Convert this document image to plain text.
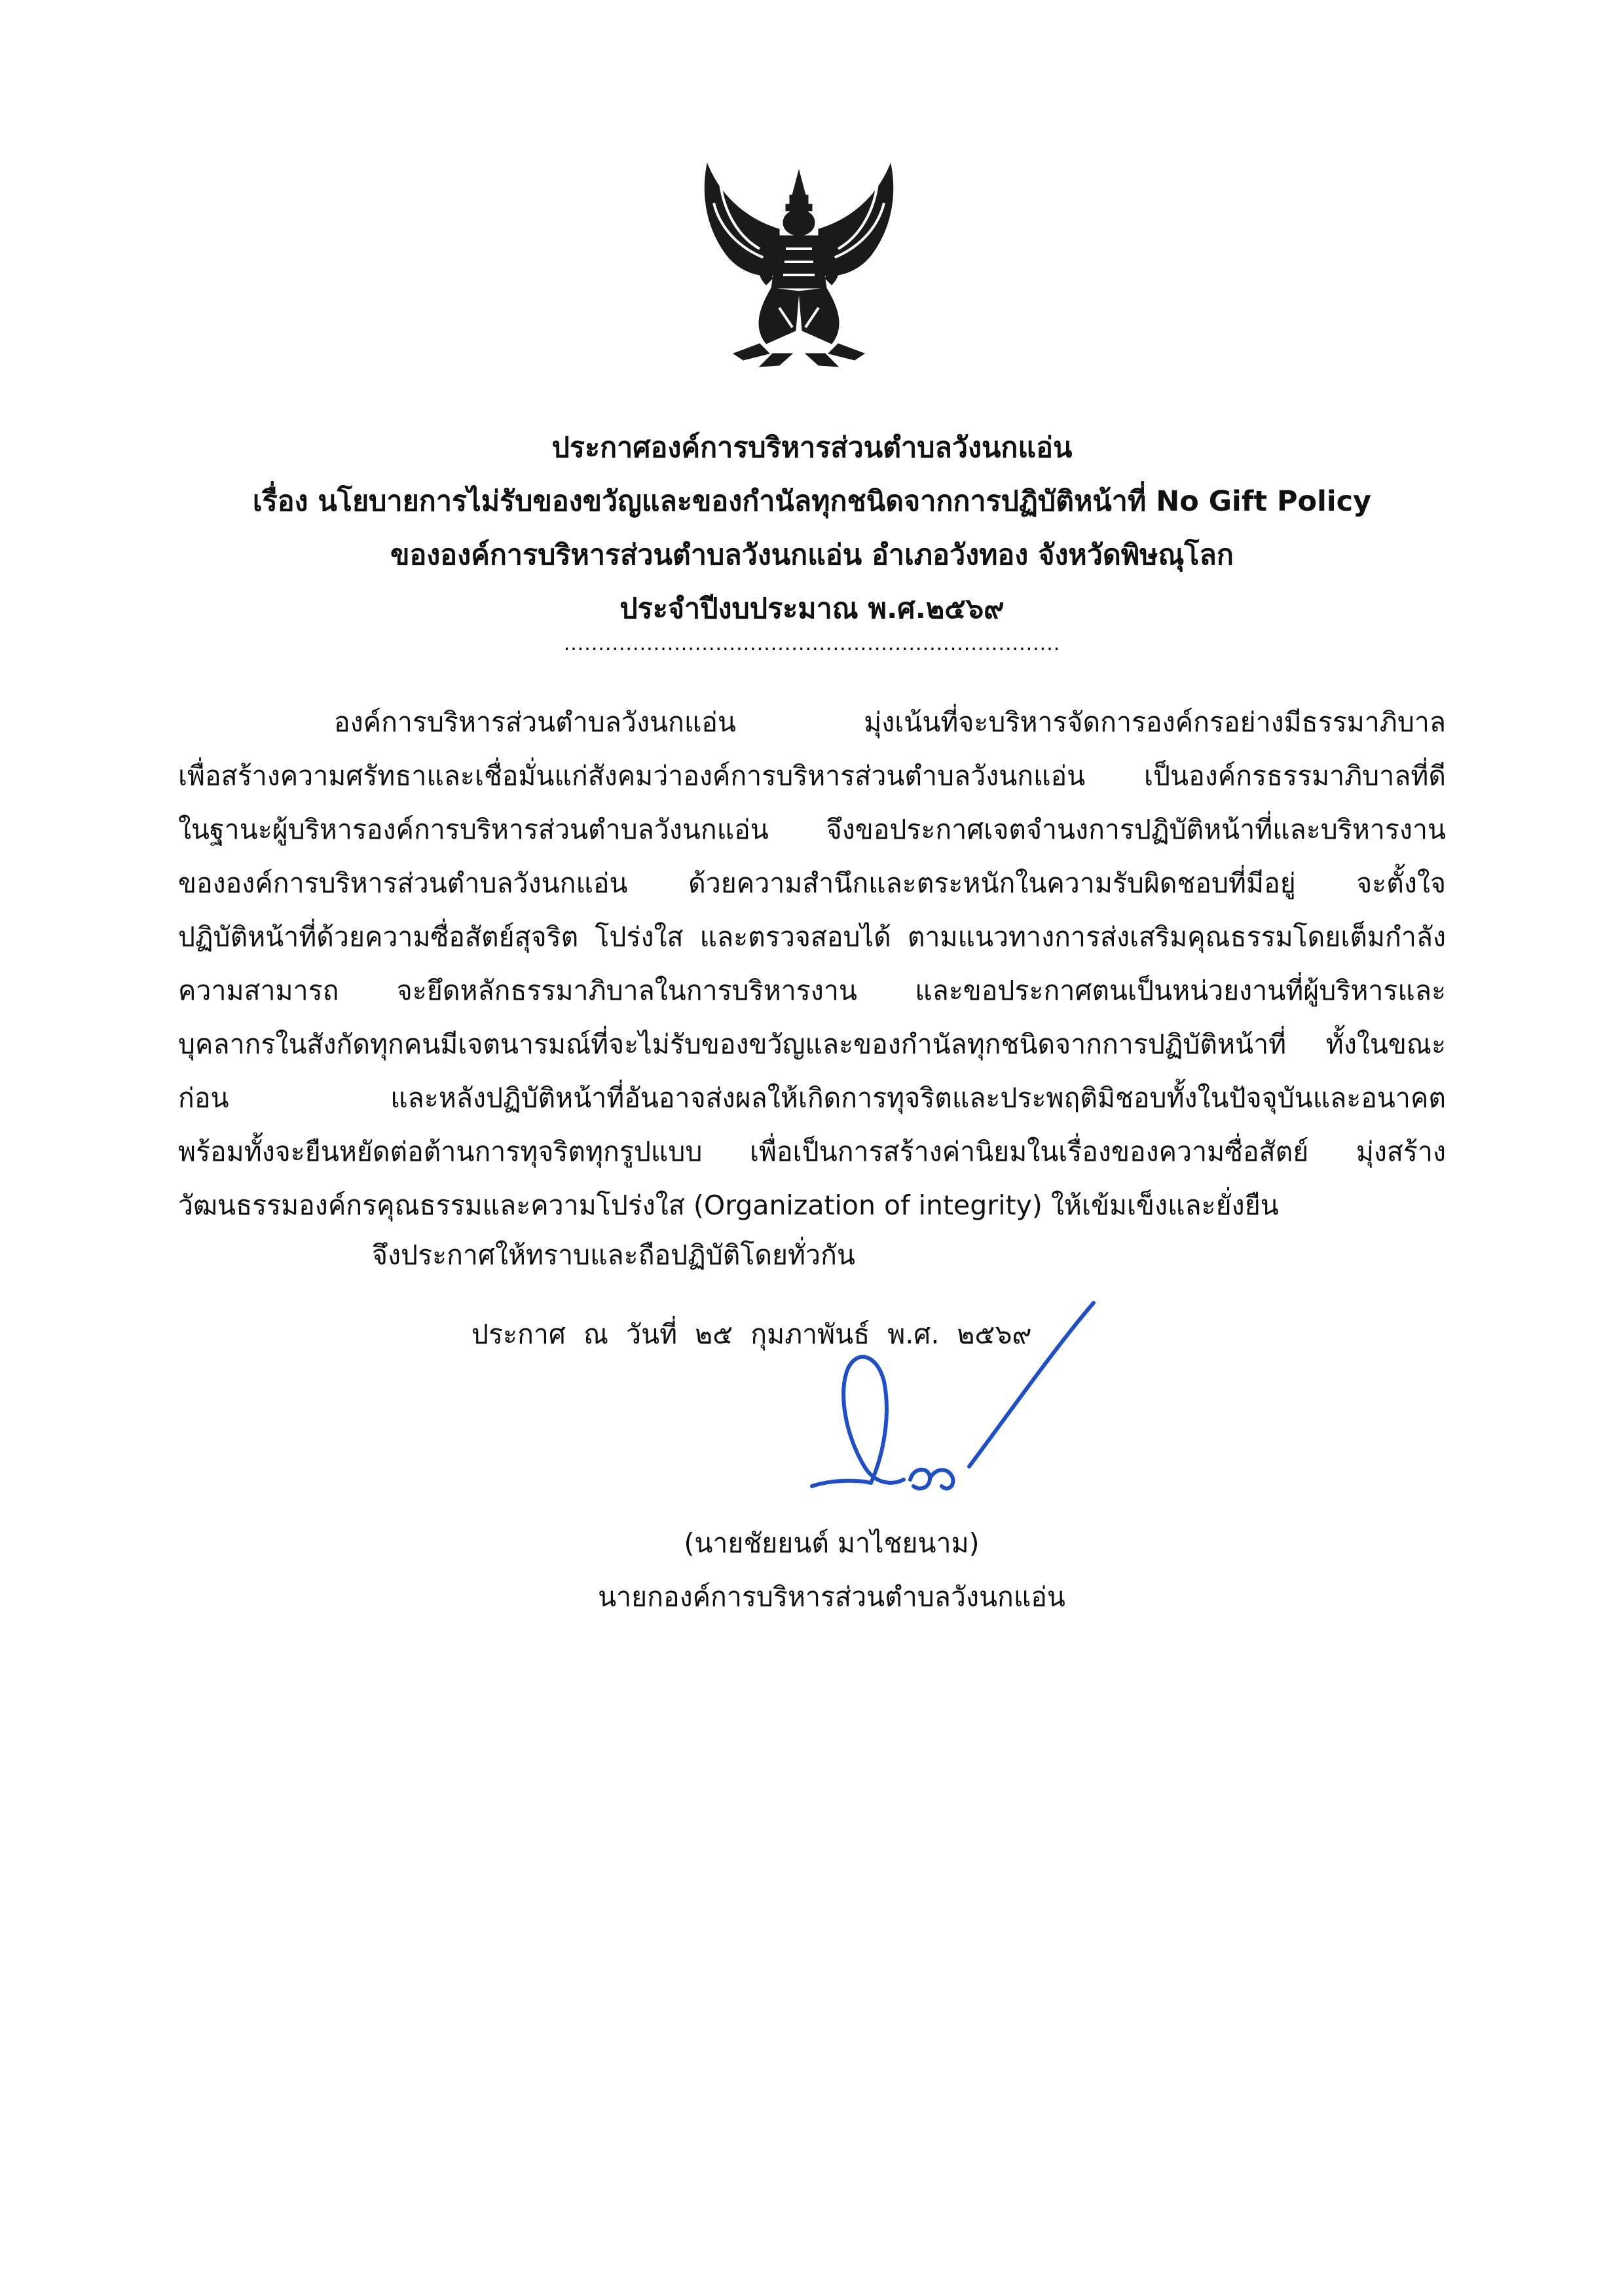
ประกาศองค์การบริหารส่วนตำบลวังนกแอ่น
เรื่อง นโยบายการไม่รับของขวัญและของกำนัลทุกชนิดจากการปฏิบัติหน้าที่ No Gift Policy
ขององค์การบริหารส่วนตำบลวังนกแอ่น อำเภอวังทอง จังหวัดพิษณุโลก
ประจำปีงบประมาณ พ.ศ.๒๕๖๙
........................................................................
องค์การบริหารส่วนตำบลวังนกแอ่น มุ่งเน้นที่จะบริหารจัดการองค์กรอย่างมีธรรมาภิบาล
เพื่อสร้างความศรัทธาและเชื่อมั่นแก่สังคมว่าองค์การบริหารส่วนตำบลวังนกแอ่น เป็นองค์กรธรรมาภิบาลที่ดี
ในฐานะผู้บริหารองค์การบริหารส่วนตำบลวังนกแอ่น จึงขอประกาศเจตจำนงการปฏิบัติหน้าที่และบริหารงาน
ขององค์การบริหารส่วนตำบลวังนกแอ่น ด้วยความสำนึกและตระหนักในความรับผิดชอบที่มีอยู่ จะตั้งใจ
ปฏิบัติหน้าที่ด้วยความซื่อสัตย์สุจริต โปร่งใส และตรวจสอบได้ ตามแนวทางการส่งเสริมคุณธรรมโดยเต็มกำลัง
ความสามารถ จะยึดหลักธรรมาภิบาลในการบริหารงาน และขอประกาศตนเป็นหน่วยงานที่ผู้บริหารและ
บุคลากรในสังกัดทุกคนมีเจตนารมณ์ที่จะไม่รับของขวัญและของกำนัลทุกชนิดจากการปฏิบัติหน้าที่ ทั้งในขณะ
ก่อน และหลังปฏิบัติหน้าที่อันอาจส่งผลให้เกิดการทุจริตและประพฤติมิชอบทั้งในปัจจุบันและอนาคต
พร้อมทั้งจะยืนหยัดต่อต้านการทุจริตทุกรูปแบบ เพื่อเป็นการสร้างค่านิยมในเรื่องของความซื่อสัตย์ มุ่งสร้าง
วัฒนธรรมองค์กรคุณธรรมและความโปร่งใส (Organization of integrity) ให้เข้มเข็งและยั่งยืน
จึงประกาศให้ทราบและถือปฏิบัติโดยทั่วกัน
ประกาศ ณ วันที่ ๒๕ กุมภาพันธ์ พ.ศ. ๒๕๖๙
(นายชัยยนต์ มาไชยนาม)
นายกองค์การบริหารส่วนตำบลวังนกแอ่น
